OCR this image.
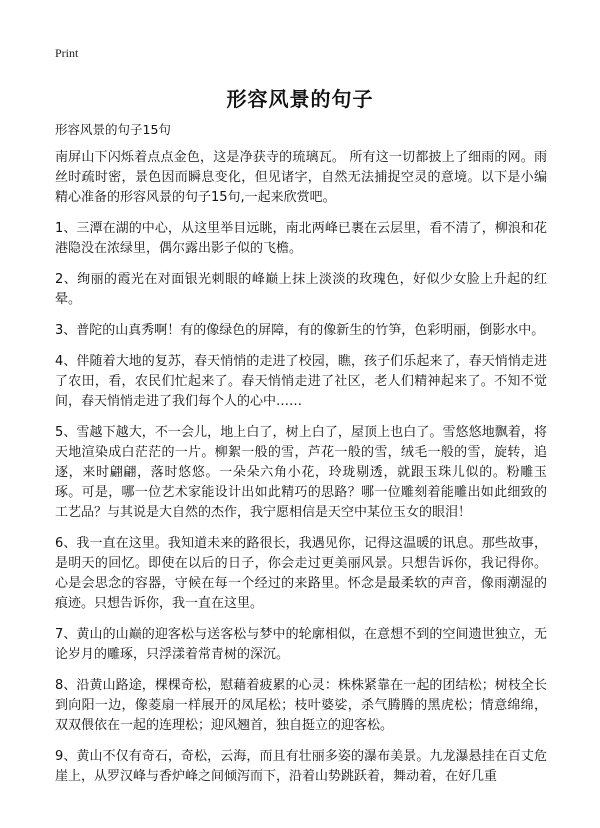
Print
形容风景的句子
形容风景的句子15句

南屏山下闪烁着点点金色，这是净获寺的琉璃瓦。 所有这一切都披上了细雨的网。雨丝时疏时密，景色因而瞬息变化，但见诸字，自然无法捕捉空灵的意境。以下是小编精心准备的形容风景的句子15句,一起来欣赏吧。

1、三潭在湖的中心，从这里举目远眺，南北两峰已裹在云层里，看不清了，柳浪和花港隐没在浓绿里，偶尔露出影子似的飞檐。

2、绚丽的霞光在对面银光刺眼的峰巅上抹上淡淡的玫瑰色，好似少女脸上升起的红晕。

3、普陀的山真秀啊！有的像绿色的屏障，有的像新生的竹笋，色彩明丽，倒影水中。

4、伴随着大地的复苏，春天悄悄的走进了校园，瞧，孩子们乐起来了，春天悄悄走进了农田，看，农民们忙起来了。春天悄悄走进了社区，老人们精神起来了。不知不觉间，春天悄悄走进了我们每个人的心中……

5、雪越下越大，不一会儿，地上白了，树上白了，屋顶上也白了。雪悠悠地飘着，将天地渲染成白茫茫的一片。柳絮一般的雪，芦花一般的雪，绒毛一般的雪，旋转，追逐，来时翩翩，落时悠悠。一朵朵六角小花，玲珑剔透，就跟玉珠儿似的。粉雕玉琢。可是，哪一位艺术家能设计出如此精巧的思路？哪一位雕刻着能雕出如此细致的工艺品？与其说是大自然的杰作，我宁愿相信是天空中某位玉女的眼泪！

6、我一直在这里。我知道未来的路很长，我遇见你，记得这温暖的讯息。那些故事，是明天的回忆。即使在以后的日子，你会走过更美丽风景。只想告诉你，我记得你。心是会思念的容器，守候在每一个经过的来路里。怀念是最柔软的声音，像雨潮湿的痕迹。只想告诉你，我一直在这里。

7、黄山的山巅的迎客松与送客松与梦中的轮廓相似，在意想不到的空间遗世独立，无论岁月的雕琢，只浮漾着常青树的深沉。

8、沿黄山路途，棵棵奇松，慰藉着疲累的心灵：株株紧靠在一起的团结松；树枝全长到向阳一边，像菱扇一样展开的凤尾松；枝叶婆娑，杀气腾腾的黑虎松；情意绵绵，双双偎依在一起的连理松；迎风翘首，独自挺立的迎客松。

9、黄山不仅有奇石，奇松，云海，而且有壮丽多姿的瀑布美景。九龙瀑悬挂在百丈危崖上，从罗汉峰与香炉峰之间倾泻而下，沿着山势跳跃着，舞动着，在好几重
